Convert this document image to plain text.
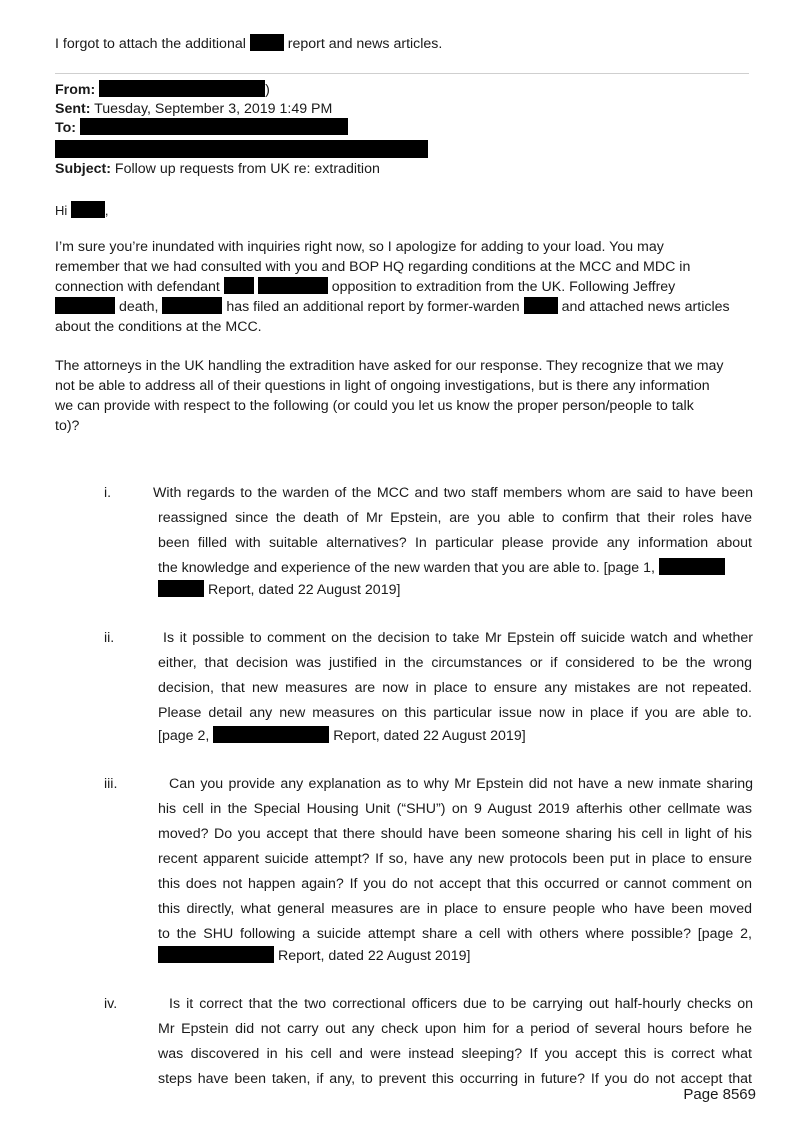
I forgot to attach the additional	report and news articles.
From:	)
Sent: Tuesday, September 3, 2019 1:49 PM
To:
Subject: Follow up requests from UK re: extradition
Hi	,
I’m sure you’re inundated with inquiries right now, so I apologize for adding to your load. You may
remember that we had consulted with you and BOP HQ regarding conditions at the MCC and MDC in
connection with defendant	opposition to extradition from the UK. Following Jeffrey
death,	has filed an additional report by former-warden	and attached news articles
about the conditions at the MCC.
The attorneys in the UK handling the extradition have asked for our response. They recognize that we may
not be able to address all of their questions in light of ongoing investigations, but is there any information
we can provide with respect to the following (or could you let us know the proper person/people to talk
to)?
i.	With regards to the warden of the MCC and two staff members whom are said to have been
reassigned since the death of Mr Epstein, are you able to confirm that their roles have
been filled with suitable alternatives? In particular please provide any information about
the knowledge and experience of the new warden that you are able to. [page 1,
Report, dated 22 August 2019]
ii.	Is it possible to comment on the decision to take Mr Epstein off suicide watch and whether
either, that decision was justified in the circumstances or if considered to be the wrong
decision, that new measures are now in place to ensure any mistakes are not repeated.
Please detail any new measures on this particular issue now in place if you are able to.
[page 2,	Report, dated 22 August 2019]
iii.	Can you provide any explanation as to why Mr Epstein did not have a new inmate sharing
his cell in the Special Housing Unit (“SHU”) on 9 August 2019 afterhis other cellmate was
moved? Do you accept that there should have been someone sharing his cell in light of his
recent apparent suicide attempt? If so, have any new protocols been put in place to ensure
this does not happen again? If you do not accept that this occurred or cannot comment on
this directly, what general measures are in place to ensure people who have been moved
to the SHU following a suicide attempt share a cell with others where possible? [page 2,
Report, dated 22 August 2019]
iv.	Is it correct that the two correctional officers due to be carrying out half-hourly checks on
Mr Epstein did not carry out any check upon him for a period of several hours before he
was discovered in his cell and were instead sleeping? If you accept this is correct what
steps have been taken, if any, to prevent this occurring in future? If you do not accept that
Page 8569
